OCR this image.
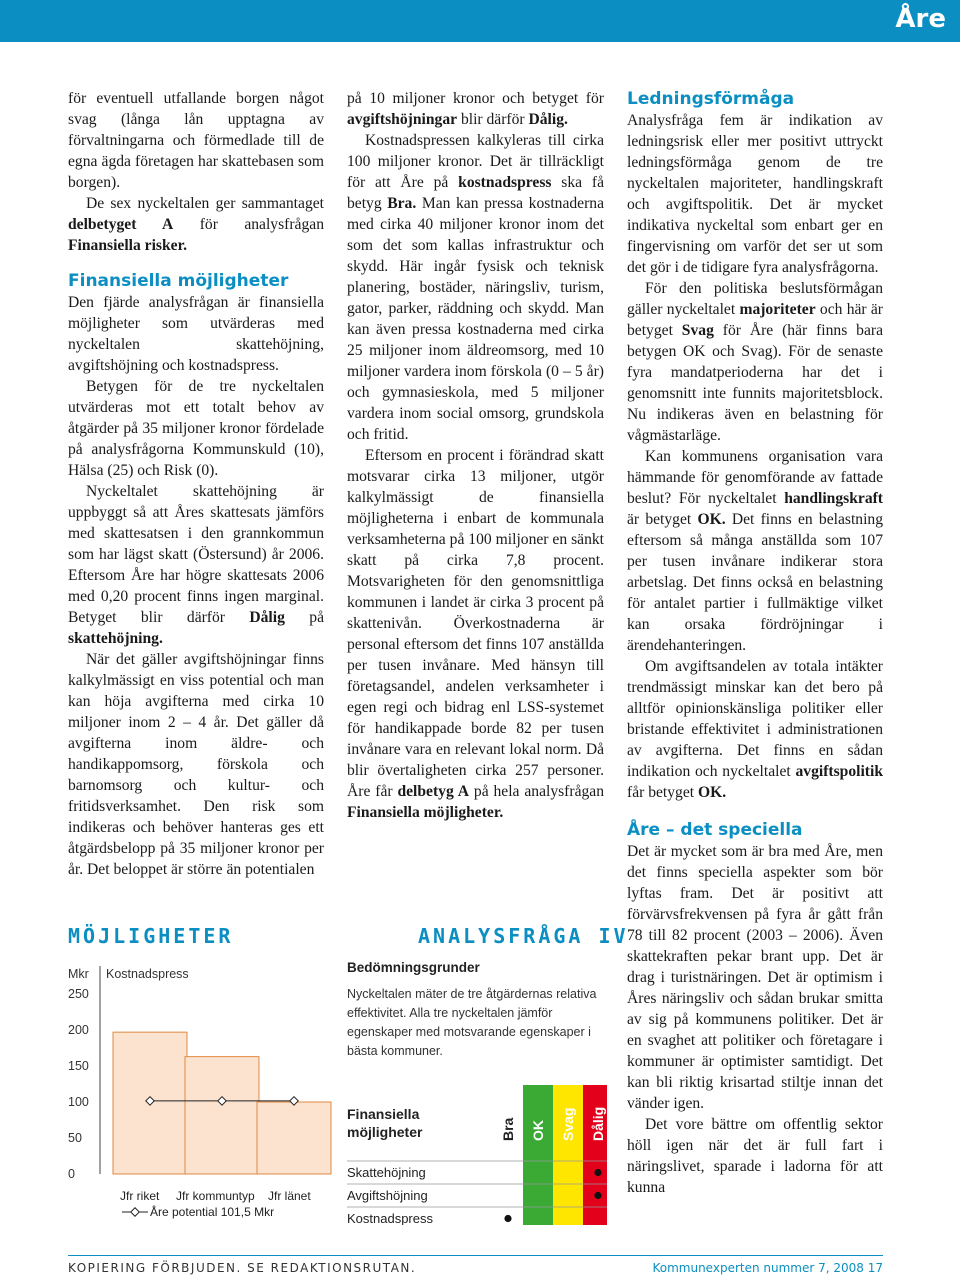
Åre

för eventuell utfallande borgen något svag (långa lån upptagna av förvaltningarna och förmedlade till de egna ägda företagen har skattebasen som borgen).

De sex nyckeltalen ger sammantaget delbetyget A för analysfrågan Finansiella risker.

Finansiella möjligheter

Den fjärde analysfrågan är finansiella möjligheter som utvärderas med nyckeltalen skattehöjning, avgiftshöjning och kostnadspress.

Betygen för de tre nyckeltalen utvärderas mot ett totalt behov av åtgärder på 35 miljoner kronor fördelade på analysfrågorna Kommunskuld (10), Hälsa (25) och Risk (0).

Nyckeltalet skattehöjning är uppbyggt så att Åres skattesats jämförs med skattesatsen i den grannkommun som har lägst skatt (Östersund) år 2006. Eftersom Åre har högre skattesats 2006 med 0,20 procent finns ingen marginal. Betyget blir därför Dålig på skattehöjning.

När det gäller avgiftshöjningar finns kalkylmässigt en viss potential och man kan höja avgifterna med cirka 10 miljoner inom 2 – 4 år. Det gäller då avgifterna inom äldre- och handikappomsorg, förskola och barnomsorg och kultur- och fritidsverksamhet. Den risk som indikeras och behöver hanteras ges ett åtgärdsbelopp på 35 miljoner kronor per år. Det beloppet är större än potentialen

på 10 miljoner kronor och betyget för avgiftshöjningar blir därför Dålig.

Kostnadspressen kalkyleras till cirka 100 miljoner kronor. Det är tillräckligt för att Åre på kostnadspress ska få betyg Bra. Man kan pressa kostnaderna med cirka 40 miljoner kronor inom det som det som kallas infrastruktur och skydd. Här ingår fysisk och teknisk planering, bostäder, näringsliv, turism, gator, parker, räddning och skydd. Man kan även pressa kostnaderna med cirka 25 miljoner inom äldreomsorg, med 10 miljoner vardera inom förskola (0 – 5 år) och gymnasieskola, med 5 miljoner vardera inom social omsorg, grundskola och fritid.

Eftersom en procent i förändrad skatt motsvarar cirka 13 miljoner, utgör kalkylmässigt de finansiella möjligheterna i enbart de kommunala verksamheterna på 100 miljoner en sänkt skatt på cirka 7,8 procent. Motsvarigheten för den genomsnittliga kommunen i landet är cirka 3 procent på skattenivån. Överkostnaderna är personal eftersom det finns 107 anställda per tusen invånare. Med hänsyn till företagsandel, andelen verksamheter i egen regi och bidrag enl LSS-systemet för handikappade borde 82 per tusen invånare vara en relevant lokal norm. Då blir övertaligheten cirka 257 personer. Åre får delbetyg A på hela analysfrågan Finansiella möjligheter.

Ledningsförmåga

Analysfråga fem är indikation av ledningsrisk eller mer positivt uttryckt ledningsförmåga genom de tre nyckeltalen majoriteter, handlingskraft och avgiftspolitik. Det är mycket indikativa nyckeltal som enbart ger en fingervisning om varför det ser ut som det gör i de tidigare fyra analysfrågorna.

För den politiska beslutsförmågan gäller nyckeltalet majoriteter och här är betyget Svag för Åre (här finns bara betygen OK och Svag). För de senaste fyra mandatperioderna har det i genomsnitt inte funnits majoritetsblock. Nu indikeras även en belastning för vågmästarläge.

Kan kommunens organisation vara hämmande för genomförande av fattade beslut? För nyckeltalet handlingskraft är betyget OK. Det finns en belastning eftersom så många anställda som 107 per tusen invånare indikerar stora arbetslag. Det finns också en belastning för antalet partier i fullmäktige vilket kan orsaka fördröjningar i ärendehanteringen.

Om avgiftsandelen av totala intäkter trendmässigt minskar kan det bero på alltför opinionskänsliga politiker eller bristande effektivitet i administrationen av avgifterna. Det finns en sådan indikation och nyckeltalet avgiftspolitik får betyget OK.

Åre – det speciella

Det är mycket som är bra med Åre, men det finns speciella aspekter som bör lyftas fram. Det är positivt att förvärvsfrekvensen på fyra år gått från 78 till 82 procent (2003 – 2006). Även skattekraften pekar brant upp. Det är drag i turistnäringen. Det är optimism i Åres näringsliv och sådan brukar smitta av sig på kommunens politiker. Det är en svaghet att politiker och företagare i kommuner är optimister samtidigt. Det kan bli riktig krisartad stiltje innan det vänder igen.

Det vore bättre om offentlig sektor höll igen när det är full fart i näringslivet, sparade i ladorna för att kunna

MÖJLIGHETER	ANALYSFRÅGA IV
Mkr Kostnadspress
0
50
100
150
200
250
Jfr riket Jfr kommuntyp Jfr länet
Åre potential 101,5 Mkr
Bedömningsgrunder
Nyckeltalen mäter de tre åtgärdernas relativa effektivitet. Alla tre nyckeltalen jämför egenskaper med motsvarande egenskaper i bästa kommuner.
Bra OK Svag Dålig
Finansiella
möjligheter
Skattehöjning
Avgiftshöjning
Kostnadspress
KOPIERING FÖRBJUDEN. SE REDAKTIONSRUTAN.	Kommunexperten nummer 7, 2008 17
